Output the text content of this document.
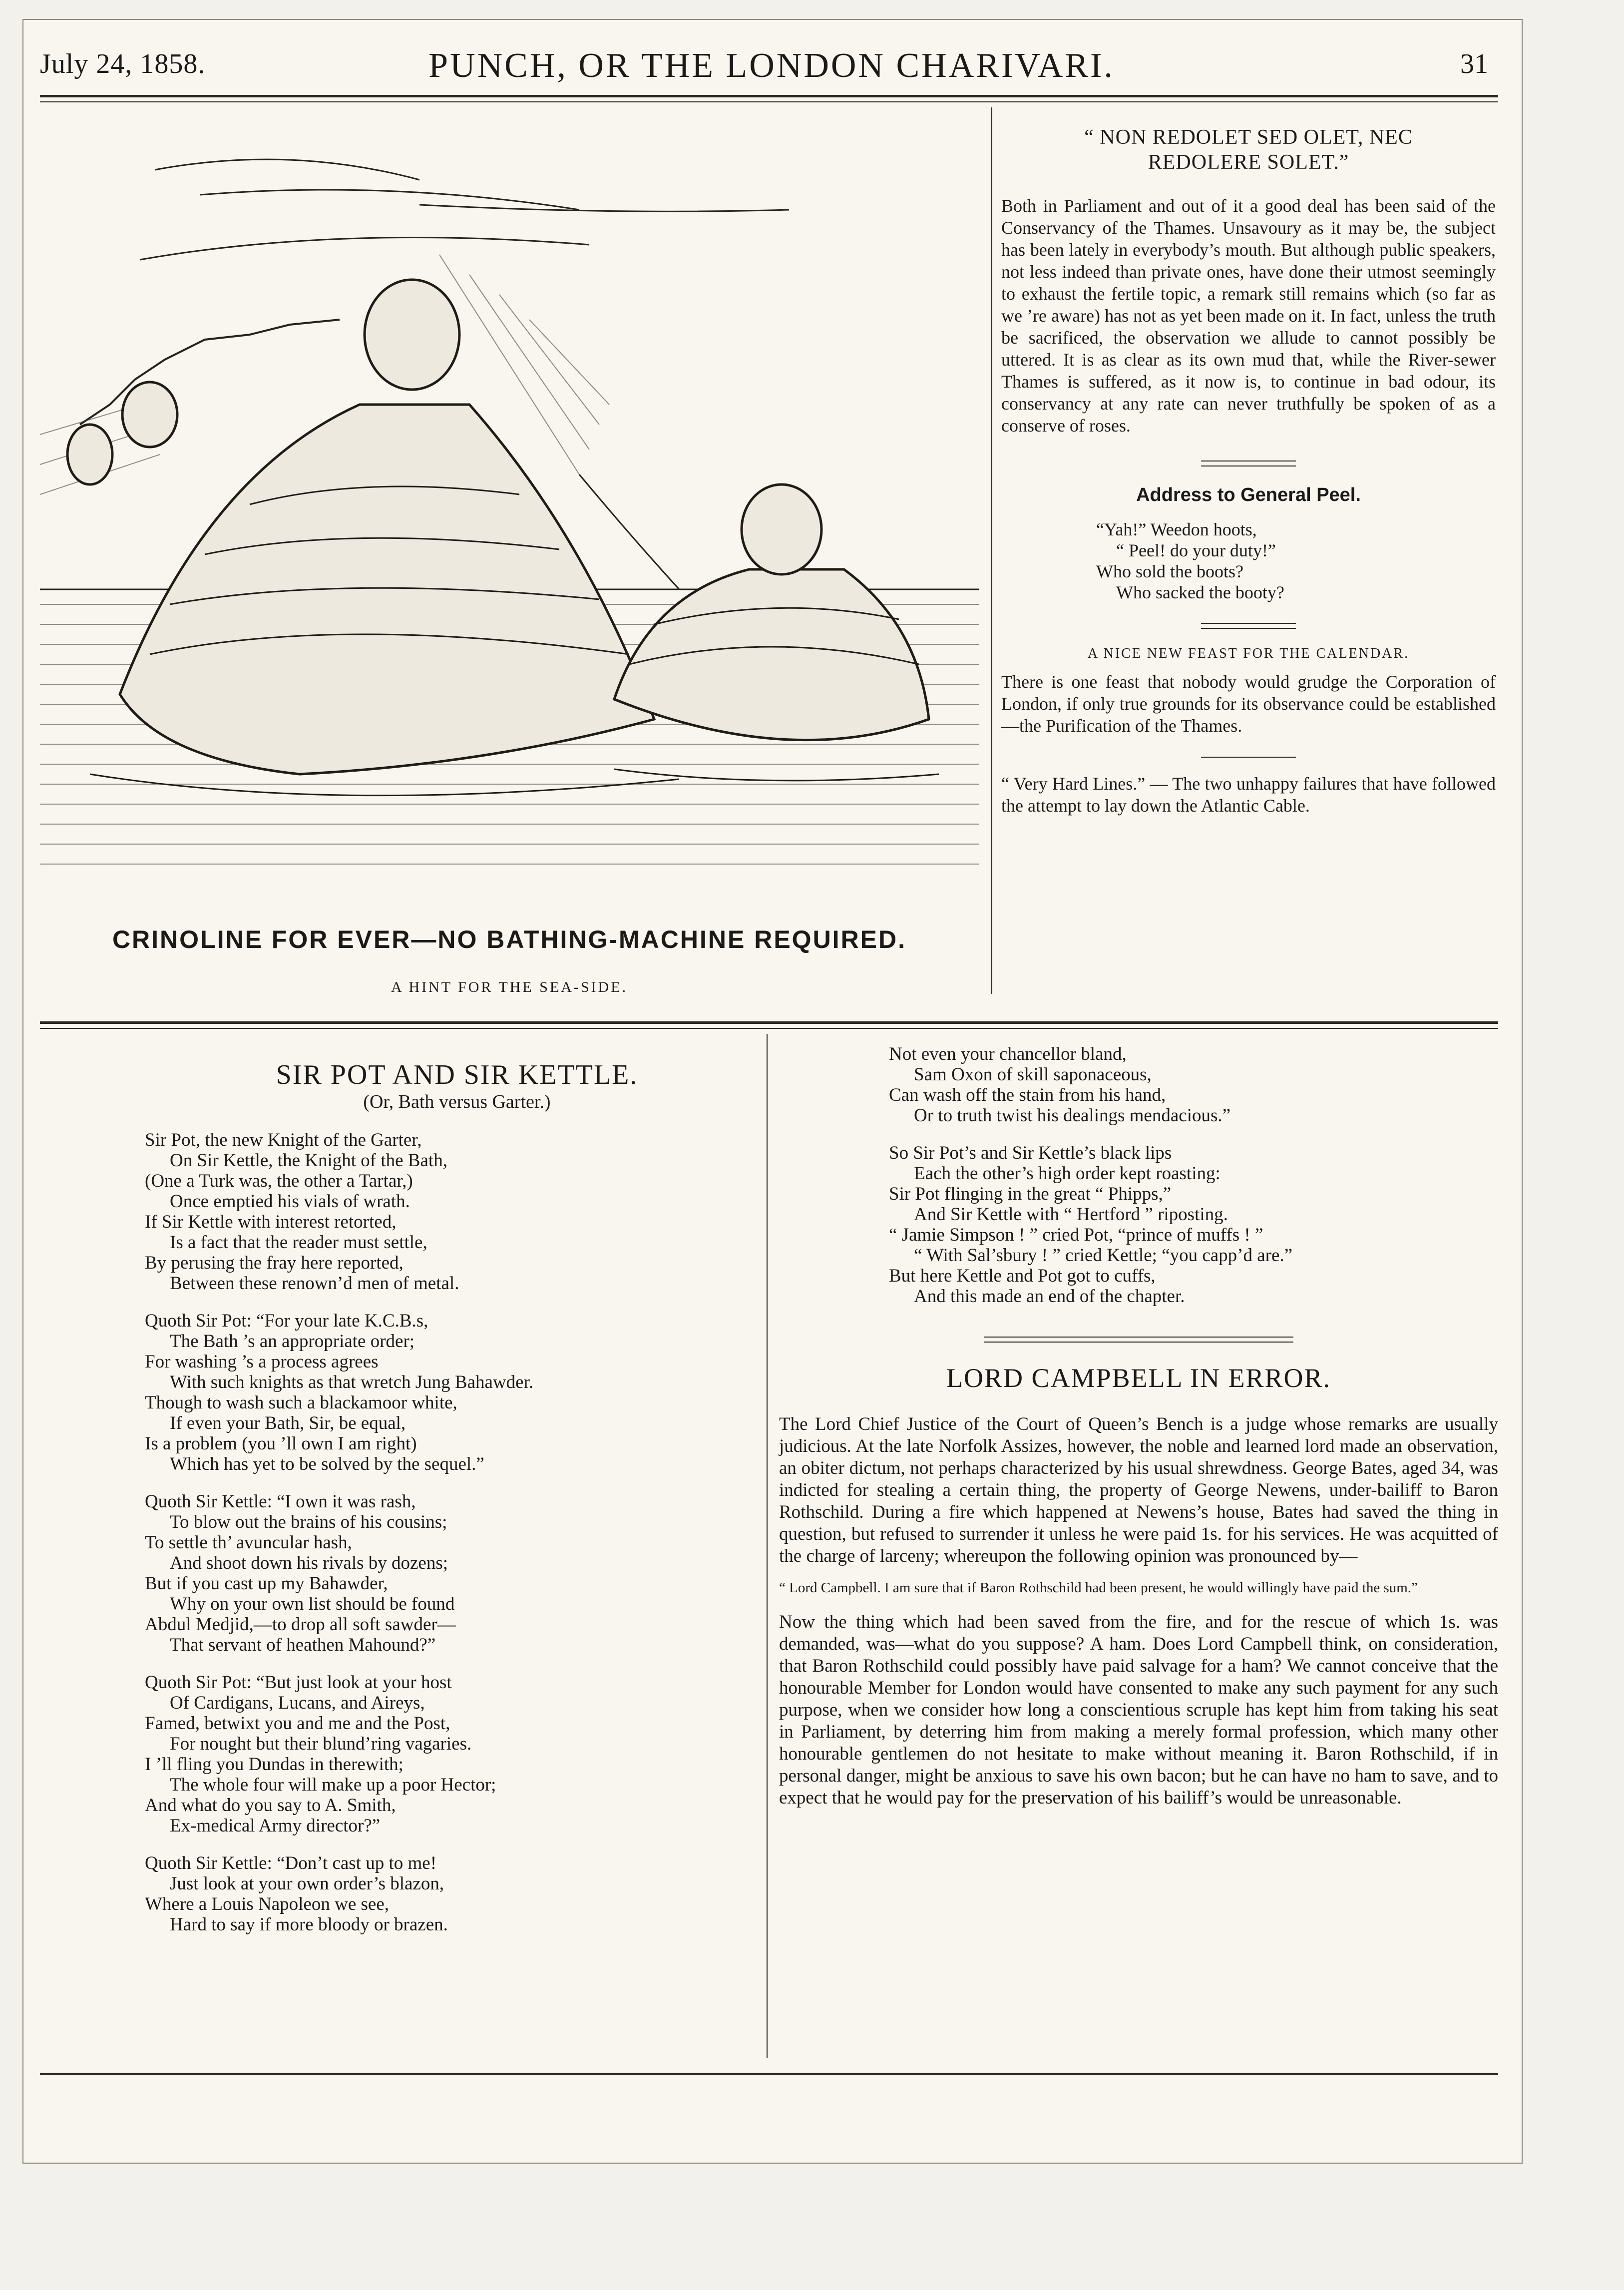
July 24, 1858.	PUNCH, OR THE LONDON CHARIVARI.	31
CRINOLINE FOR EVER—NO BATHING-MACHINE REQUIRED.
A HINT FOR THE SEA-SIDE.

“ NON REDOLET SED OLET, NEC

REDOLERE SOLET.”

Both in Parliament and out of it a good deal has been said of the Conservancy of the Thames. Unsavoury as it may be, the subject has been lately in everybody’s mouth. But although public speakers, not less indeed than private ones, have done their utmost seemingly to exhaust the fertile topic, a remark still remains which (so far as we ’re aware) has not as yet been made on it. In fact, unless the truth be sacrificed, the observation we allude to cannot possibly be uttered. It is as clear as its own mud that, while the River-sewer Thames is suffered, as it now is, to continue in bad odour, its conservancy at any rate can never truthfully be spoken of as a conserve of roses.

Address to General Peel.

“Yah!” Weedon hoots,

“ Peel! do your duty!”

Who sold the boots?

Who sacked the booty?

A NICE NEW FEAST FOR THE CALENDAR.

There is one feast that nobody would grudge the Corporation of London, if only true grounds for its observance could be established—the Purification of the Thames.

“ Very Hard Lines.” — The two unhappy failures that have followed the attempt to lay down the Atlantic Cable.

SIR POT AND SIR KETTLE.

(Or, Bath versus Garter.)

Sir Pot, the new Knight of the Garter,

On Sir Kettle, the Knight of the Bath,

(One a Turk was, the other a Tartar,)

Once emptied his vials of wrath.

If Sir Kettle with interest retorted,

Is a fact that the reader must settle,

By perusing the fray here reported,

Between these renown’d men of metal.

Quoth Sir Pot: “For your late K.C.B.s,

The Bath ’s an appropriate order;

For washing ’s a process agrees

With such knights as that wretch Jung Bahawder.

Though to wash such a blackamoor white,

If even your Bath, Sir, be equal,

Is a problem (you ’ll own I am right)

Which has yet to be solved by the sequel.”

Quoth Sir Kettle: “I own it was rash,

To blow out the brains of his cousins;

To settle th’ avuncular hash,

And shoot down his rivals by dozens;

But if you cast up my Bahawder,

Why on your own list should be found

Abdul Medjid,—to drop all soft sawder—

That servant of heathen Mahound?”

Quoth Sir Pot: “But just look at your host

Of Cardigans, Lucans, and Aireys,

Famed, betwixt you and me and the Post,

For nought but their blund’ring vagaries.

I ’ll fling you Dundas in therewith;

The whole four will make up a poor Hector;

And what do you say to A. Smith,

Ex-medical Army director?”

Quoth Sir Kettle: “Don’t cast up to me!

Just look at your own order’s blazon,

Where a Louis Napoleon we see,

Hard to say if more bloody or brazen.

Not even your chancellor bland,

Sam Oxon of skill saponaceous,

Can wash off the stain from his hand,

Or to truth twist his dealings mendacious.”

So Sir Pot’s and Sir Kettle’s black lips

Each the other’s high order kept roasting:

Sir Pot flinging in the great “ Phipps,”

And Sir Kettle with “ Hertford ” riposting.

“ Jamie Simpson ! ” cried Pot, “prince of muffs ! ”

“ With Sal’sbury ! ” cried Kettle; “you capp’d are.”

But here Kettle and Pot got to cuffs,

And this made an end of the chapter.

LORD CAMPBELL IN ERROR.

The Lord Chief Justice of the Court of Queen’s Bench is a judge whose remarks are usually judicious. At the late Norfolk Assizes, however, the noble and learned lord made an observation, an obiter dictum, not perhaps characterized by his usual shrewdness. George Bates, aged 34, was indicted for stealing a certain thing, the property of George Newens, under-bailiff to Baron Rothschild. During a fire which happened at Newens’s house, Bates had saved the thing in question, but refused to surrender it unless he were paid 1s. for his services. He was acquitted of the charge of larceny; whereupon the following opinion was pronounced by—

“ Lord Campbell. I am sure that if Baron Rothschild had been present, he would willingly have paid the sum.”

Now the thing which had been saved from the fire, and for the rescue of which 1s. was demanded, was—what do you suppose? A ham. Does Lord Campbell think, on consideration, that Baron Rothschild could possibly have paid salvage for a ham? We cannot conceive that the honourable Member for London would have consented to make any such payment for any such purpose, when we consider how long a conscientious scruple has kept him from taking his seat in Parliament, by deterring him from making a merely formal profession, which many other honourable gentlemen do not hesitate to make without meaning it. Baron Rothschild, if in personal danger, might be anxious to save his own bacon; but he can have no ham to save, and to expect that he would pay for the preservation of his bailiff’s would be unreasonable.
